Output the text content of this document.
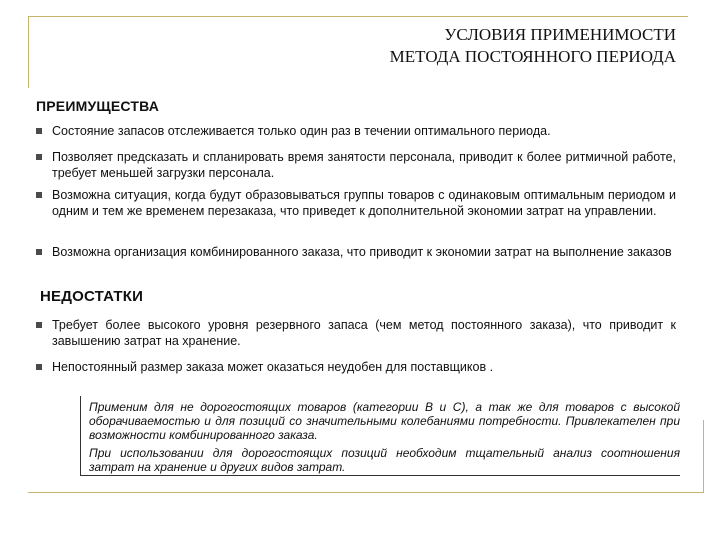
УСЛОВИЯ ПРИМЕНИМОСТИ
МЕТОДА ПОСТОЯННОГО ПЕРИОДА
ПРЕИМУЩЕСТВА
Состояние запасов отслеживается только один раз в течении оптимального периода.
Позволяет предсказать и спланировать время занятости персонала, приводит к более ритмичной работе, требует меньшей загрузки персонала.
Возможна ситуация, когда будут образовываться группы товаров с одинаковым оптимальным периодом и одним и тем же временем перезаказа, что приведет к дополнительной экономии затрат на управлении.
Возможна организация комбинированного заказа, что приводит к экономии затрат на выполнение заказов
НЕДОСТАТКИ
Требует более высокого уровня резервного запаса (чем метод постоянного заказа), что приводит к завышению затрат на хранение.
Непостоянный размер заказа может оказаться неудобен для поставщиков .

Применим для не дорогостоящих товаров (категории В и С), а так же для товаров с высокой оборачиваемостью и для позиций со значительными колебаниями потребности. Привлекателен при возможности комбинированного заказа.

При использовании для дорогостоящих позиций необходим тщательный анализ соотношения затрат на хранение и других видов затрат.
